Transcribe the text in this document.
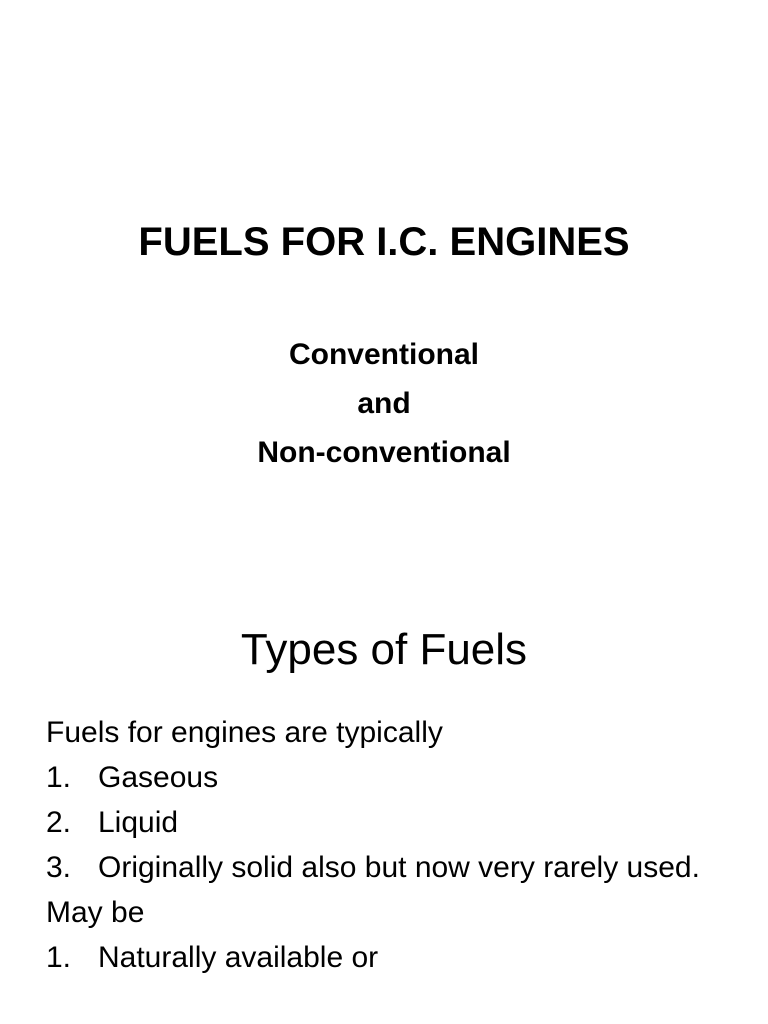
FUELS FOR I.C. ENGINES
Conventional
and
Non-conventional
Types of Fuels
Fuels for engines are typically
1. Gaseous
2. Liquid
3. Originally solid also but now very rarely used.
May be
1. Naturally available or
